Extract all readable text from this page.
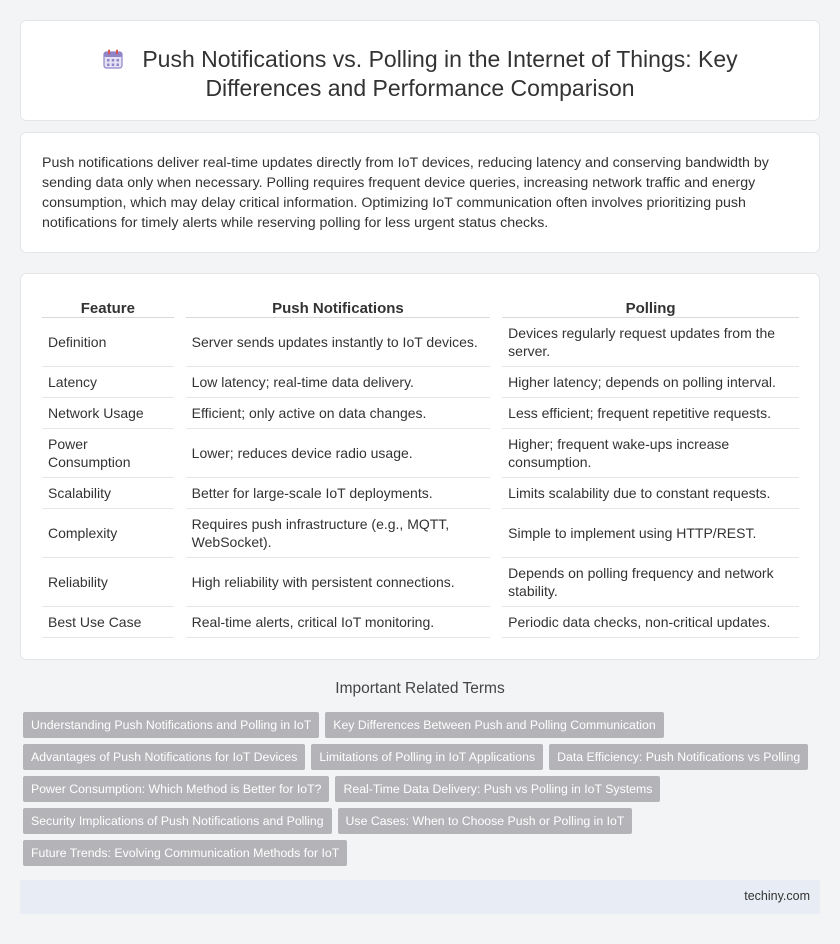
Push Notifications vs. Polling in the Internet of Things: Key
Differences and Performance Comparison

Push notifications deliver real-time updates directly from IoT devices, reducing latency and conserving bandwidth by sending data only when necessary. Polling requires frequent device queries, increasing network traffic and energy consumption, which may delay critical information. Optimizing IoT communication often involves prioritizing push notifications for timely alerts while reserving polling for less urgent status checks.

Feature		Push Notifications		Polling
Definition		Server sends updates instantly to IoT devices.		Devices regularly request updates from the server.
Latency		Low latency; real-time data delivery.		Higher latency; depends on polling interval.
Network Usage		Efficient; only active on data changes.		Less efficient; frequent repetitive requests.
Power Consumption		Lower; reduces device radio usage.		Higher; frequent wake-ups increase consumption.
Scalability		Better for large-scale IoT deployments.		Limits scalability due to constant requests.
Complexity		Requires push infrastructure (e.g., MQTT, WebSocket).		Simple to implement using HTTP/REST.
Reliability		High reliability with persistent connections.		Depends on polling frequency and network stability.
Best Use Case		Real-time alerts, critical IoT monitoring.		Periodic data checks, non-critical updates.
Important Related Terms
Understanding Push Notifications and Polling in IoT Key Differences Between Push and Polling Communication
Advantages of Push Notifications for IoT Devices Limitations of Polling in IoT Applications Data Efficiency: Push Notifications vs Polling
Power Consumption: Which Method is Better for IoT? Real-Time Data Delivery: Push vs Polling in IoT Systems
Security Implications of Push Notifications and Polling Use Cases: When to Choose Push or Polling in IoT
Future Trends: Evolving Communication Methods for IoT
techiny.com
